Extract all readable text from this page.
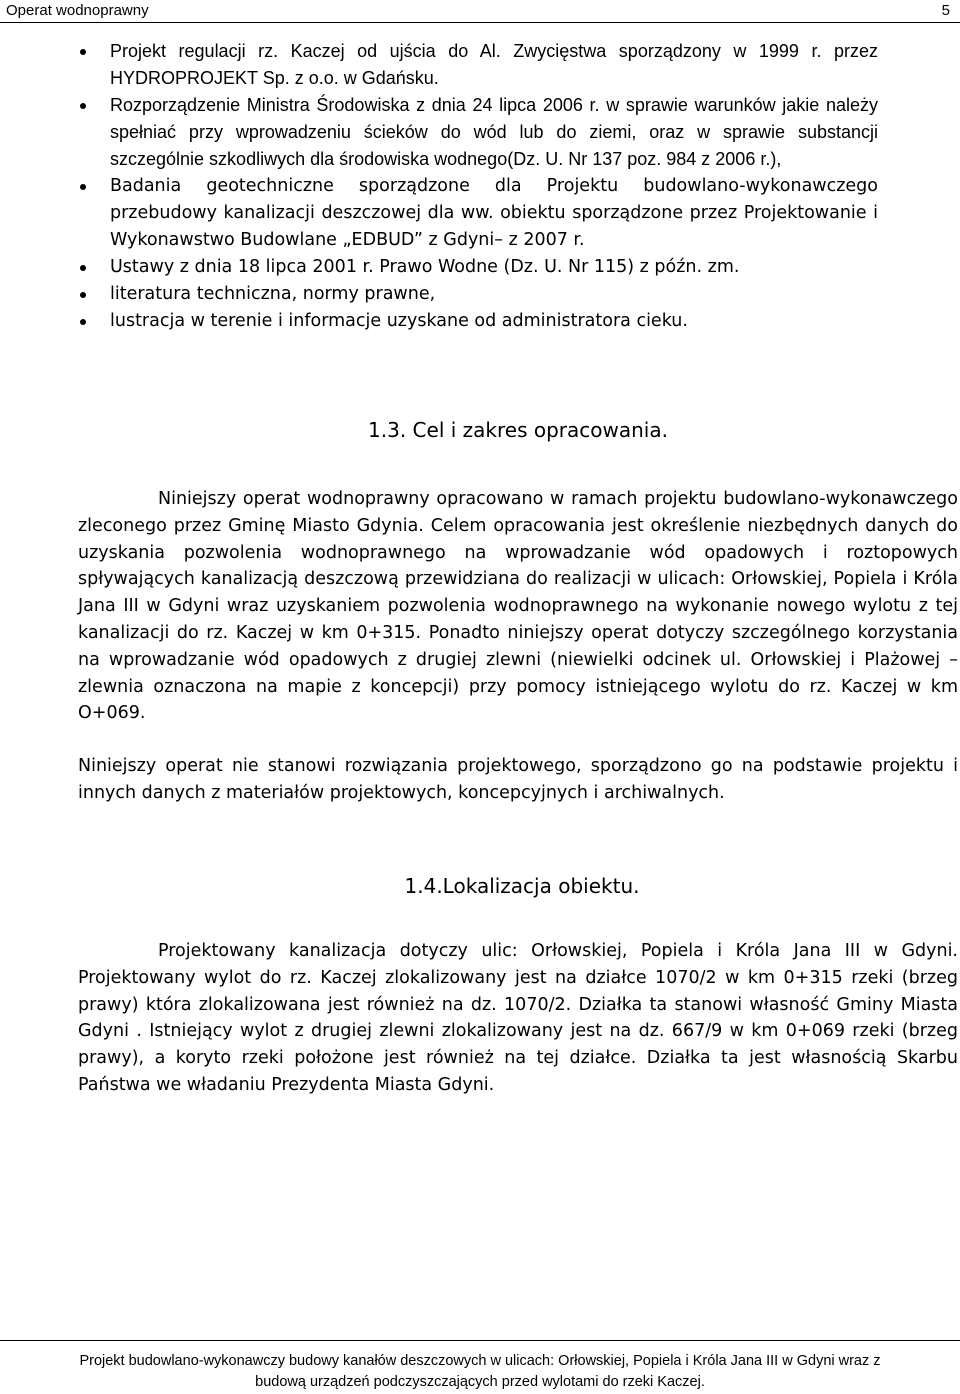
Operat wodnoprawny	5
Projekt regulacji rz. Kaczej od ujścia do Al. Zwycięstwa sporządzony w 1999 r. przez HYDROPROJEKT Sp. z o.o. w Gdańsku.
Rozporządzenie Ministra Środowiska z dnia 24 lipca 2006 r. w sprawie warunków jakie należy spełniać przy wprowadzeniu ścieków do wód lub do ziemi, oraz w sprawie substancji szczególnie szkodliwych dla środowiska wodnego(Dz. U. Nr 137 poz. 984 z 2006 r.),
Badania geotechniczne sporządzone dla Projektu budowlano-wykonawczego przebudowy kanalizacji deszczowej dla ww. obiektu sporządzone przez Projektowanie i Wykonawstwo Budowlane „EDBUD” z Gdyni– z 2007 r.
Ustawy z dnia 18 lipca 2001 r. Prawo Wodne (Dz. U. Nr 115) z późn. zm.
literatura techniczna, normy prawne,
lustracja w terenie i informacje uzyskane od administratora cieku.
1.3. Cel i zakres opracowania.

Niniejszy operat wodnoprawny opracowano w ramach projektu budowlano-wykonawczego zleconego przez Gminę Miasto Gdynia. Celem opracowania jest określenie niezbędnych danych do uzyskania pozwolenia wodnoprawnego na wprowadzanie wód opadowych i roztopowych spływających kanalizacją deszczową przewidziana do realizacji w ulicach: Orłowskiej, Popiela i Króla Jana III w Gdyni wraz uzyskaniem pozwolenia wodnoprawnego na wykonanie nowego wylotu z tej kanalizacji do rz. Kaczej w km 0+315. Ponadto niniejszy operat dotyczy szczególnego korzystania na wprowadzanie wód opadowych z drugiej zlewni (niewielki odcinek ul. Orłowskiej i Plażowej – zlewnia oznaczona na mapie z koncepcji) przy pomocy istniejącego wylotu do rz. Kaczej w km O+069.

Niniejszy operat nie stanowi rozwiązania projektowego, sporządzono go na podstawie projektu i innych danych z materiałów projektowych, koncepcyjnych i archiwalnych.

1.4.Lokalizacja obiektu.

Projektowany kanalizacja dotyczy ulic: Orłowskiej, Popiela i Króla Jana III w Gdyni. Projektowany wylot do rz. Kaczej zlokalizowany jest na działce 1070/2 w km 0+315 rzeki (brzeg prawy) która zlokalizowana jest również na dz. 1070/2. Działka ta stanowi własność Gminy Miasta Gdyni . Istniejący wylot z drugiej zlewni zlokalizowany jest na dz. 667/9 w km 0+069 rzeki (brzeg prawy), a koryto rzeki położone jest również na tej działce. Działka ta jest własnością Skarbu Państwa we władaniu Prezydenta Miasta Gdyni.

Projekt budowlano-wykonawczy budowy kanałów deszczowych w ulicach: Orłowskiej, Popiela i Króla Jana III w Gdyni wraz z
budową urządzeń podczyszczających przed wylotami do rzeki Kaczej.
